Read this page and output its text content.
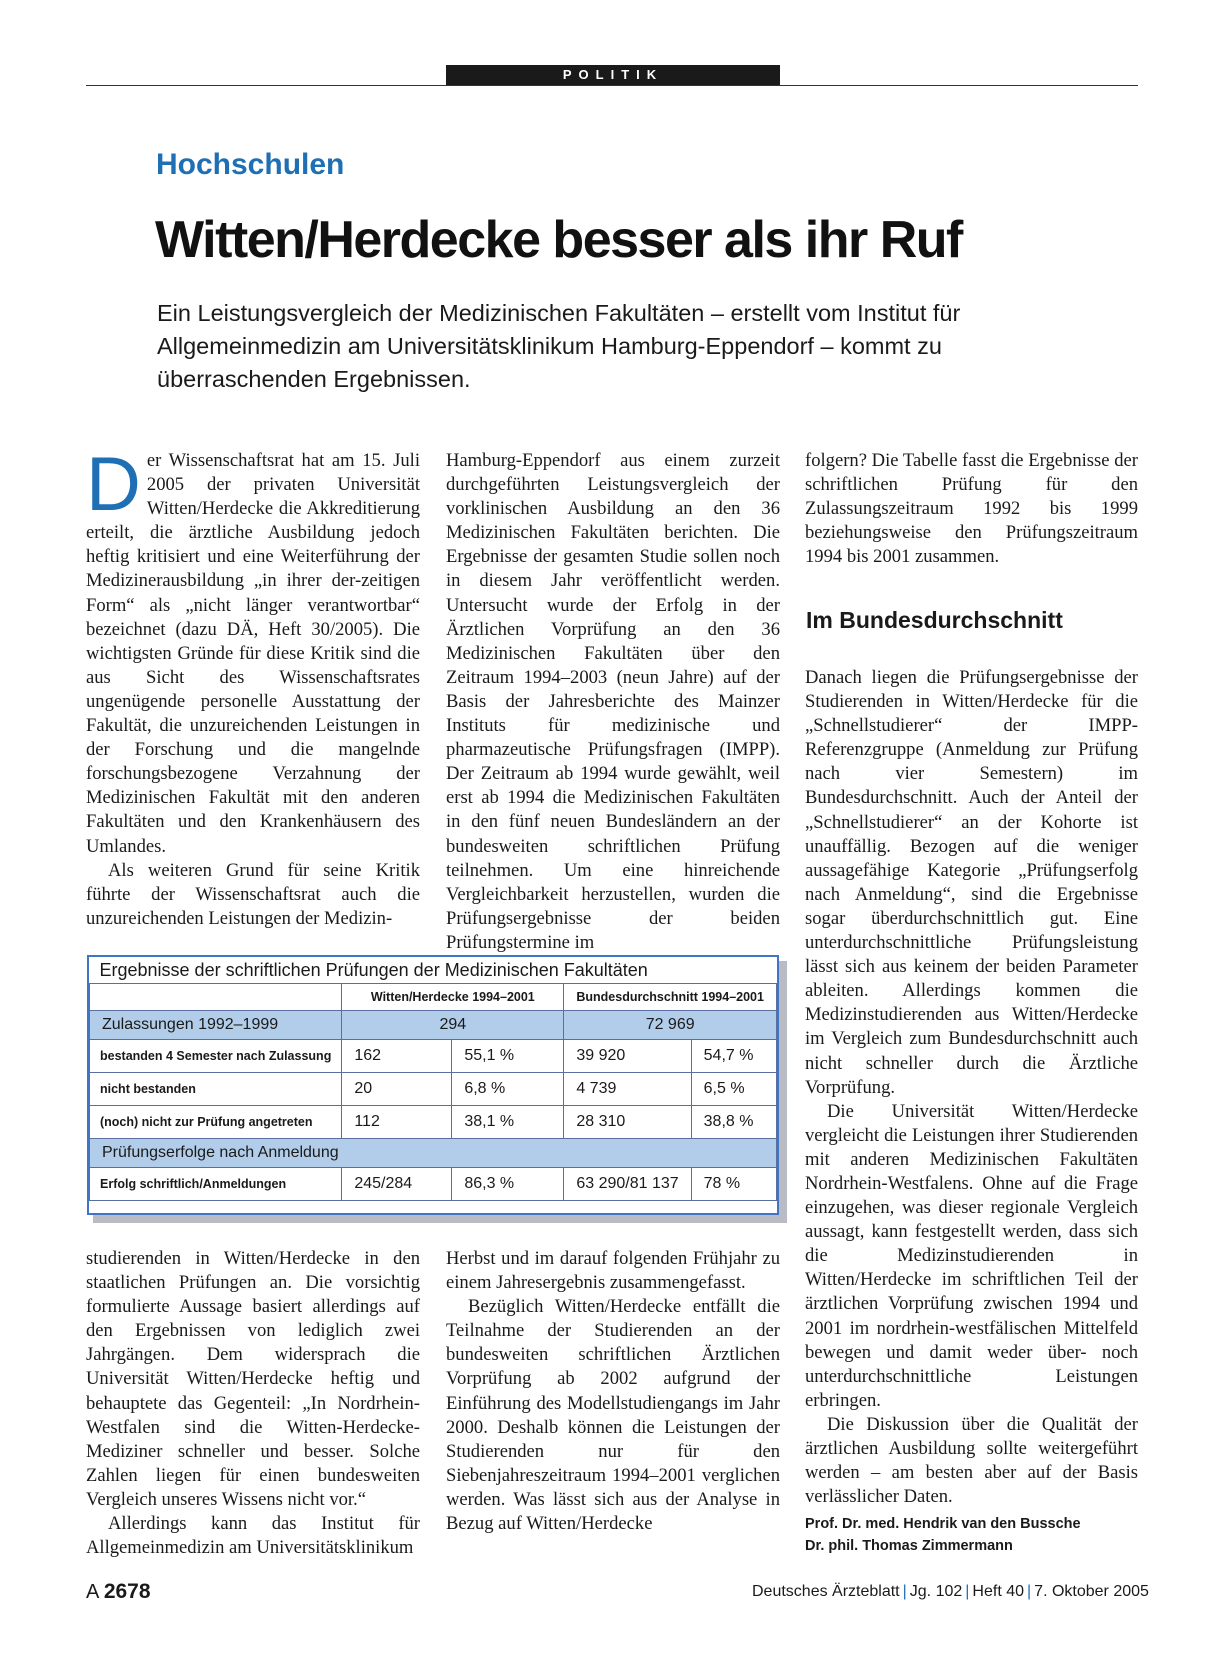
POLITIK
Hochschulen
Witten/Herdecke besser als ihr Ruf
Ein Leistungsvergleich der Medizinischen Fakultäten – erstellt vom Institut für Allgemeinmedizin am Universitätsklinikum Hamburg-Eppendorf – kommt zu überraschenden Ergebnissen.

Der Wissenschaftsrat hat am 15. Juli 2005 der privaten Universität Witten/Herdecke die Akkreditierung erteilt, die ärztliche Ausbildung jedoch heftig kritisiert und eine Weiterführung der Medizinerausbildung „in ihrer der-zeitigen Form“ als „nicht länger verantwortbar“ bezeichnet (dazu DÄ, Heft 30/2005). Die wichtigsten Gründe für diese Kritik sind die aus Sicht des Wissenschaftsrates ungenügende personelle Ausstattung der Fakultät, die unzureichenden Leistungen in der Forschung und die mangelnde forschungsbezogene Verzahnung der Medizinischen Fakultät mit den anderen Fakultäten und den Krankenhäusern des Umlandes.

Als weiteren Grund für seine Kritik führte der Wissenschaftsrat auch die unzureichenden Leistungen der Medizin-

Hamburg-Eppendorf aus einem zurzeit durchgeführten Leistungsvergleich der vorklinischen Ausbildung an den 36 Medizinischen Fakultäten berichten. Die Ergebnisse der gesamten Studie sollen noch in diesem Jahr veröffentlicht werden. Untersucht wurde der Erfolg in der Ärztlichen Vorprüfung an den 36 Medizinischen Fakultäten über den Zeitraum 1994–2003 (neun Jahre) auf der Basis der Jahresberichte des Mainzer Instituts für medizinische und pharmazeutische Prüfungsfragen (IMPP). Der Zeitraum ab 1994 wurde gewählt, weil erst ab 1994 die Medizinischen Fakultäten in den fünf neuen Bundesländern an der bundesweiten schriftlichen Prüfung teilnehmen. Um eine hinreichende Vergleichbarkeit herzustellen, wurden die Prüfungsergebnisse der beiden Prüfungstermine im

folgern? Die Tabelle fasst die Ergebnisse der schriftlichen Prüfung für den Zulassungszeitraum 1992 bis 1999 beziehungsweise den Prüfungszeitraum 1994 bis 2001 zusammen.

Im Bundesdurchschnitt

Danach liegen die Prüfungsergebnisse der Studierenden in Witten/Herdecke für die „Schnellstudierer“ der IMPP-Referenzgruppe (Anmeldung zur Prüfung nach vier Semestern) im Bundesdurchschnitt. Auch der Anteil der „Schnellstudierer“ an der Kohorte ist unauffällig. Bezogen auf die weniger aussagefähige Kategorie „Prüfungserfolg nach Anmeldung“, sind die Ergebnisse sogar überdurchschnittlich gut. Eine unterdurchschnittliche Prüfungsleistung lässt sich aus keinem der beiden Parameter ableiten. Allerdings kommen die Medizinstudierenden aus Witten/Herdecke im Vergleich zum Bundesdurchschnitt auch nicht schneller durch die Ärztliche Vorprüfung.

Die Universität Witten/Herdecke vergleicht die Leistungen ihrer Studierenden mit anderen Medizinischen Fakultäten Nordrhein-Westfalens. Ohne auf die Frage einzugehen, was dieser regionale Vergleich aussagt, kann festgestellt werden, dass sich die Medizinstudierenden in Witten/Herdecke im schriftlichen Teil der ärztlichen Vorprüfung zwischen 1994 und 2001 im nordrhein-westfälischen Mittelfeld bewegen und damit weder über- noch unterdurchschnittliche Leistungen erbringen.

Die Diskussion über die Qualität der ärztlichen Ausbildung sollte weitergeführt werden – am besten aber auf der Basis verlässlicher Daten.

Prof. Dr. med. Hendrik van den Bussche
Dr. phil. Thomas Zimmermann
Ergebnisse der schriftlichen Prüfungen der Medizinischen Fakultäten				
	Witten/Herdecke 1994–2001		Bundesdurchschnitt 1994–2001	
Zulassungen 1992–1999	294		72 969	
bestanden 4 Semester nach Zulassung	162	55,1 %	39 920	54,7 %
nicht bestanden	20	6,8 %	4 739	6,5 %
(noch) nicht zur Prüfung angetreten	112	38,1 %	28 310	38,8 %
Prüfungserfolge nach Anmeldung				
Erfolg schriftlich/Anmeldungen	245/284	86,3 %	63 290/81 137	78 %

studierenden in Witten/Herdecke in den staatlichen Prüfungen an. Die vorsichtig formulierte Aussage basiert allerdings auf den Ergebnissen von lediglich zwei Jahrgängen. Dem widersprach die Universität Witten/Herdecke heftig und behauptete das Gegenteil: „In Nordrhein-Westfalen sind die Witten-Herdecke-Mediziner schneller und besser. Solche Zahlen liegen für einen bundesweiten Vergleich unseres Wissens nicht vor.“

Allerdings kann das Institut für Allgemeinmedizin am Universitätsklinikum

Herbst und im darauf folgenden Frühjahr zu einem Jahresergebnis zusammengefasst.

Bezüglich Witten/Herdecke entfällt die Teilnahme der Studierenden an der bundesweiten schriftlichen Ärztlichen Vorprüfung ab 2002 aufgrund der Einführung des Modellstudiengangs im Jahr 2000. Deshalb können die Leistungen der Studierenden nur für den Siebenjahreszeitraum 1994–2001 verglichen werden. Was lässt sich aus der Analyse in Bezug auf Witten/Herdecke

A 2678	Deutsches Ärzteblatt | Jg. 102 | Heft 40 | 7. Oktober 2005
